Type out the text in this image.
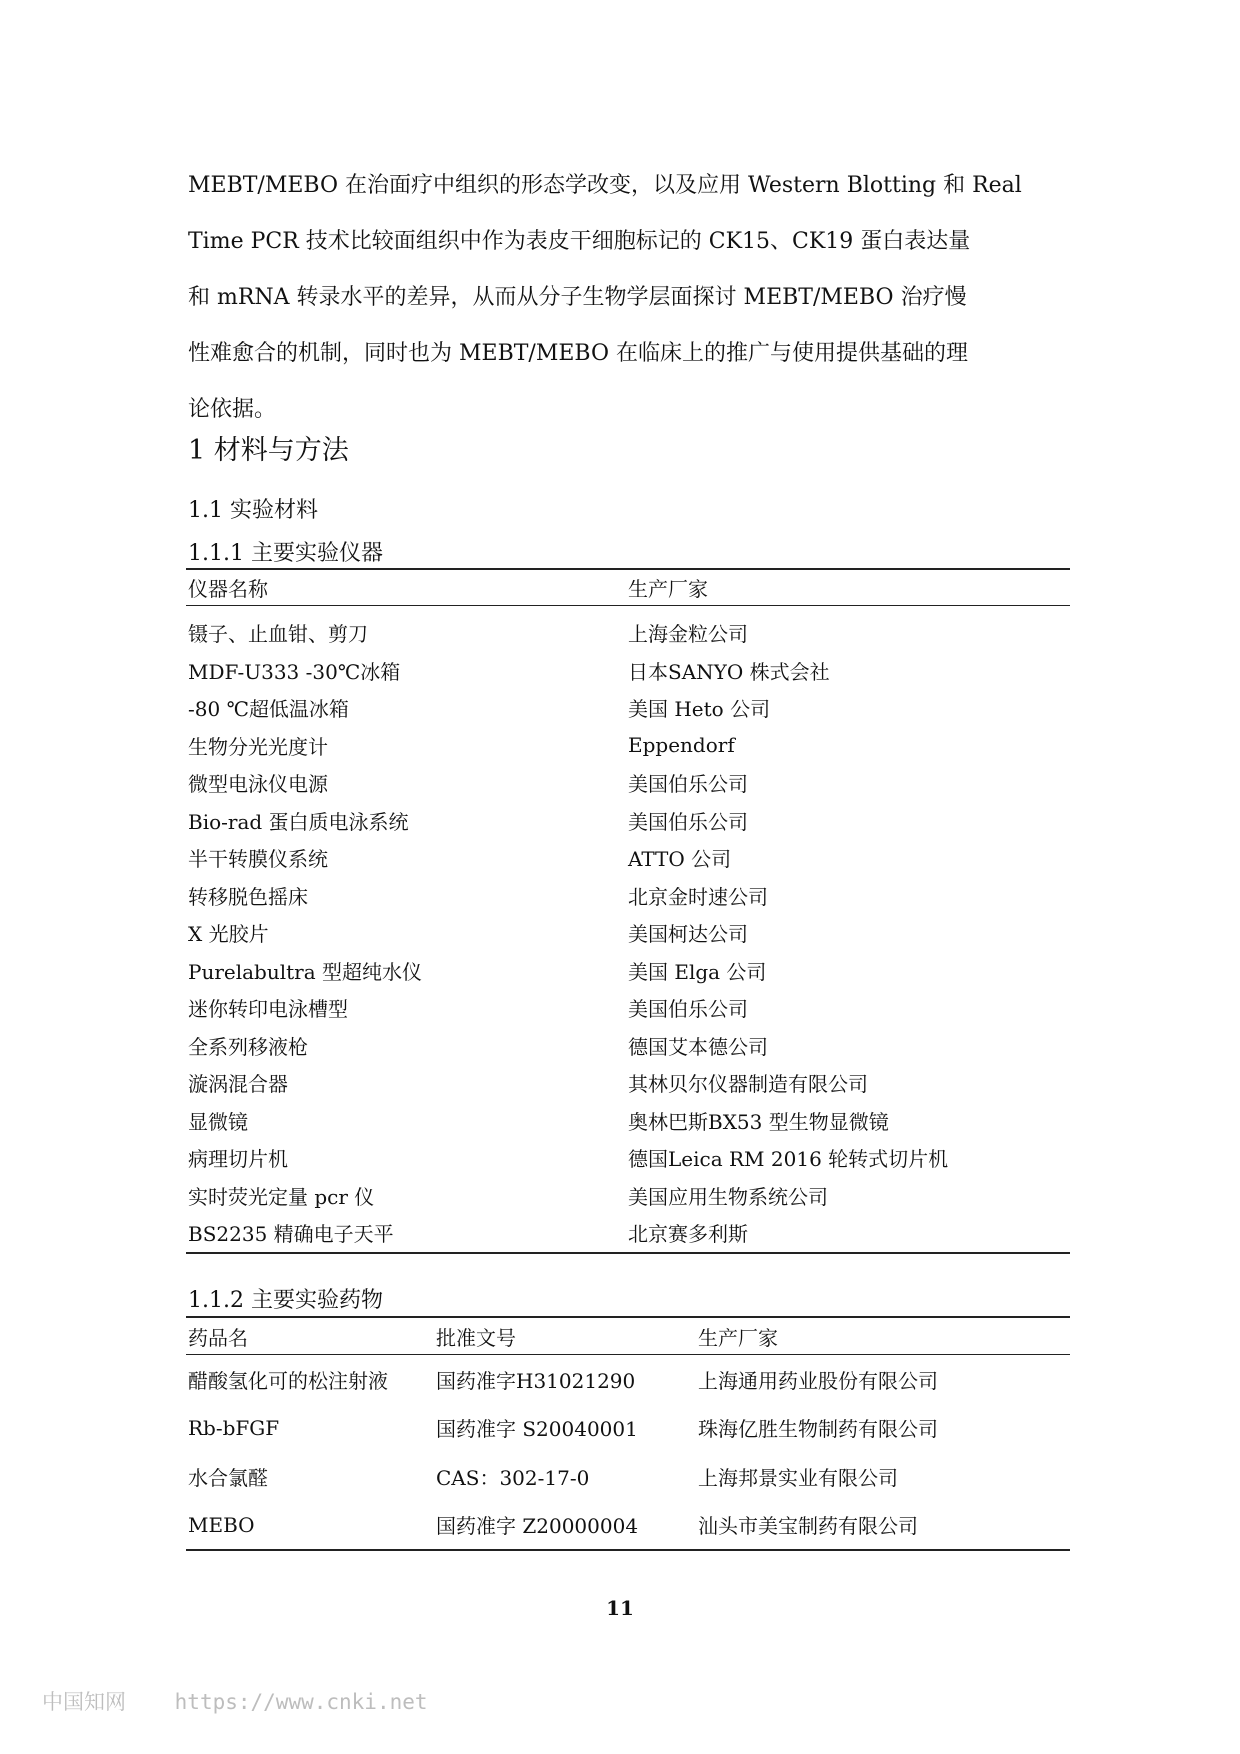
MEBT/MEBO 在治面疗中组织的形态学改变，以及应用 Western Blotting 和 Real

Time PCR 技术比较面组织中作为表皮干细胞标记的 CK15、CK19 蛋白表达量

和 mRNA 转录水平的差异，从而从分子生物学层面探讨 MEBT/MEBO 治疗慢

性难愈合的机制，同时也为 MEBT/MEBO 在临床上的推广与使用提供基础的理

论依据。

1 材料与方法
1.1 实验材料
1.1.1 主要实验仪器
仪器名称	生产厂家
镊子、止血钳、剪刀	上海金粒公司
MDF-U333 -30℃冰箱	日本SANYO 株式会社
-80 ℃超低温冰箱	美国 Heto 公司
生物分光光度计	Eppendorf
微型电泳仪电源	美国伯乐公司
Bio-rad 蛋白质电泳系统	美国伯乐公司
半干转膜仪系统	ATTO 公司
转移脱色摇床	北京金时速公司
X 光胶片	美国柯达公司
Purelabultra 型超纯水仪	美国 Elga 公司
迷你转印电泳槽型	美国伯乐公司
全系列移液枪	德国艾本德公司
漩涡混合器	其林贝尔仪器制造有限公司
显微镜	奥林巴斯BX53 型生物显微镜
病理切片机	德国Leica RM 2016 轮转式切片机
实时荧光定量 pcr 仪	美国应用生物系统公司
BS2235 精确电子天平	北京赛多利斯
1.1.2 主要实验药物
药品名	批准文号	生产厂家
醋酸氢化可的松注射液	国药准字H31021290	上海通用药业股份有限公司
Rb-bFGF	国药准字 S20040001	珠海亿胜生物制药有限公司
水合氯醛	CAS：302-17-0	上海邦景实业有限公司
MEBO	国药准字 Z20000004	汕头市美宝制药有限公司
11
中国知网 https://www.cnki.net
